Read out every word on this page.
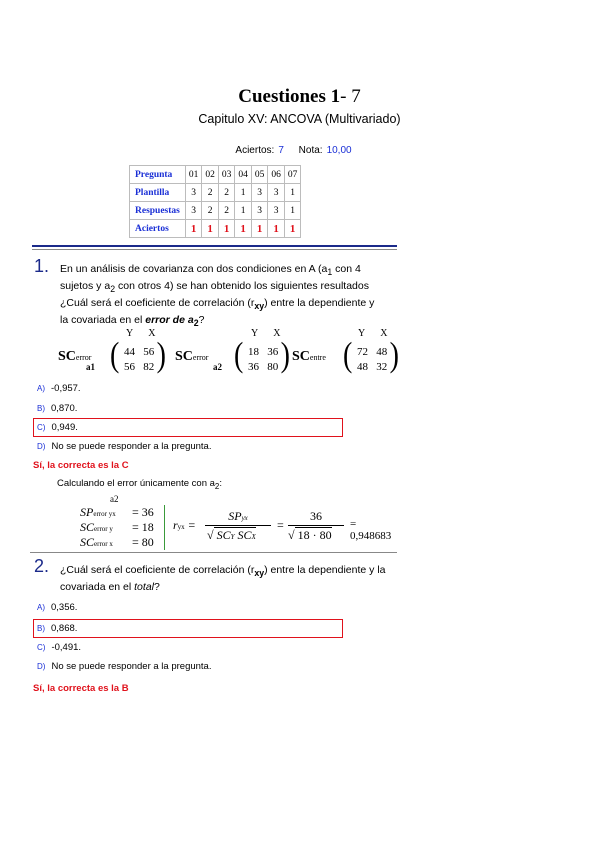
Cuestiones 1- 7
Capitulo XV: ANCOVA (Multivariado)
Aciertos: 7 Nota: 10,00
Pregunta	01	02	03	04	05	06	07
Plantilla	3	2	2	1	3	3	1
Respuestas	3	2	2	1	3	3	1
Aciertos	1	1	1	1	1	1	1
1. En un análisis de covarianza con dos condiciones en A ($a_1$ con 4
sujetos y $a_2$ con otros 4) se han obtenido los siguientes resultados
¿Cuál será el coeficiente de correlación $(r_{xy})$ entre la dependiente y
la covariada en el error de $a_2$?
Y X
SCerror
a1 ( )
44 56
56 82
Y X
SCerror
a2 ( )
18 36
36 80
Y X
SCentre ( )
72 48
48 32
A) -0,957.
B) 0,870.
C) 0,949.
D) No se puede responder a la pregunta.
Sí, la correcta es la C
Calculando el error únicamente con $a_2$:
a2
SPerror yx = 36
SCerror y = 18
SCerror x = 80
ryx =
SPyx
√ SCY SCX
=
36
√ 18 · 80
= 0,948683
2. ¿Cuál será el coeficiente de correlación $(r_{xy})$ entre la dependiente y la
covariada en el total?
A) 0,356.
B) 0,868.
C) -0,491.
D) No se puede responder a la pregunta.
Sí, la correcta es la B
